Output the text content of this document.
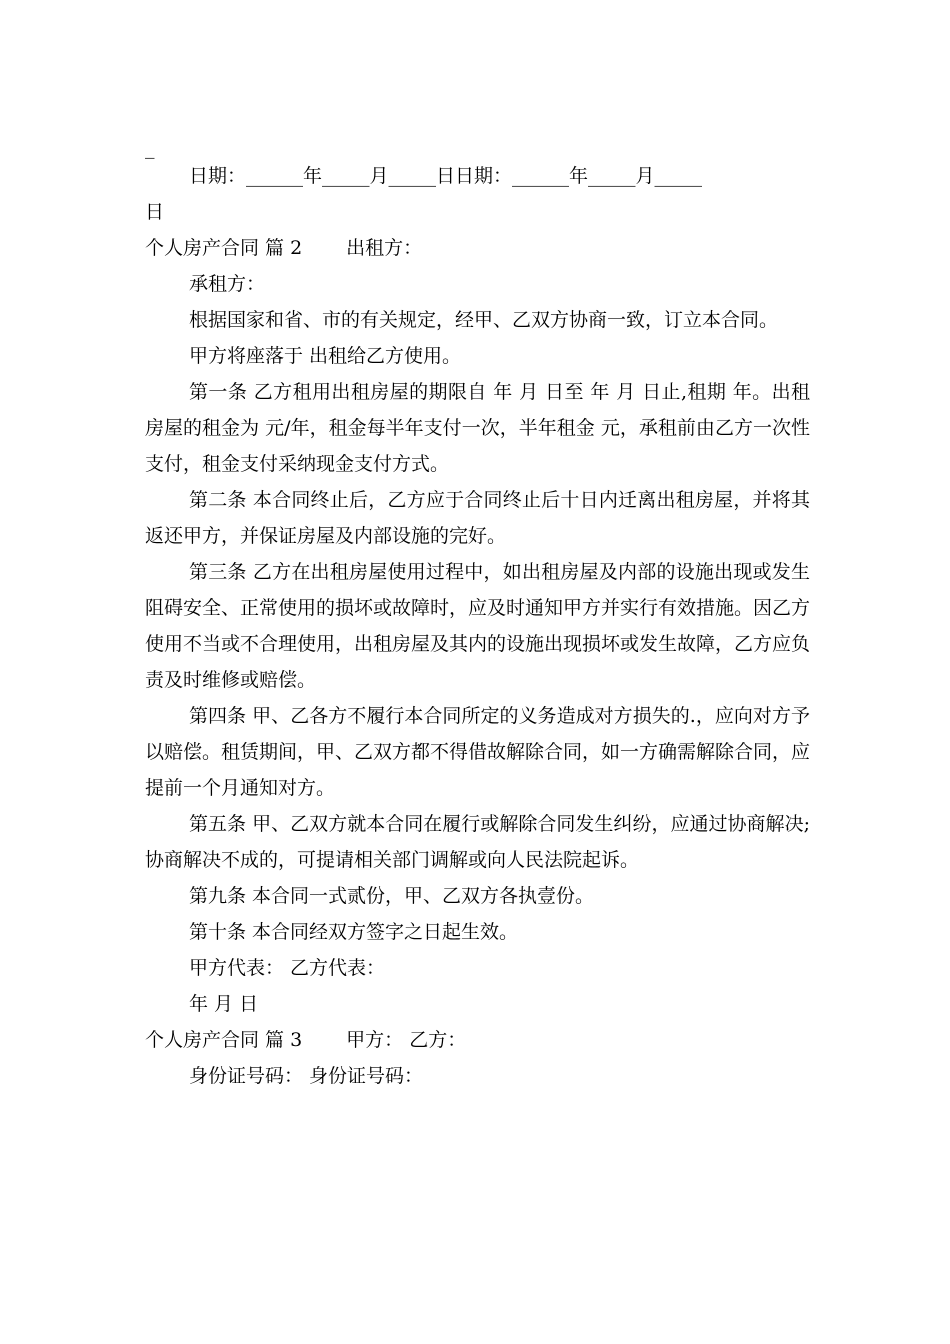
_
日期：______年_____月_____日日期：______年_____月_____
日
个人房产合同 篇 2 出租方：
承租方：
根据国家和省、市的有关规定，经甲、乙双方协商一致，订立本合同。
甲方将座落于 出租给乙方使用。
第一条 乙方租用出租房屋的期限自 年 月 日至 年 月 日止,租期 年。出租房屋的租金为 元/年，租金每半年支付一次，半年租金 元，承租前由乙方一次性支付，租金支付采纳现金支付方式。
第二条 本合同终止后，乙方应于合同终止后十日内迁离出租房屋，并将其返还甲方，并保证房屋及内部设施的完好。
第三条 乙方在出租房屋使用过程中，如出租房屋及内部的设施出现或发生阻碍安全、正常使用的损坏或故障时，应及时通知甲方并实行有效措施。因乙方使用不当或不合理使用，出租房屋及其内的设施出现损坏或发生故障，乙方应负责及时维修或赔偿。
第四条 甲、乙各方不履行本合同所定的义务造成对方损失的.，应向对方予以赔偿。租赁期间，甲、乙双方都不得借故解除合同，如一方确需解除合同，应提前一个月通知对方。
第五条 甲、乙双方就本合同在履行或解除合同发生纠纷，应通过协商解决;协商解决不成的，可提请相关部门调解或向人民法院起诉。
第九条 本合同一式贰份，甲、乙双方各执壹份。
第十条 本合同经双方签字之日起生效。
甲方代表： 乙方代表：
年 月 日
个人房产合同 篇 3 甲方： 乙方：
身份证号码： 身份证号码：
